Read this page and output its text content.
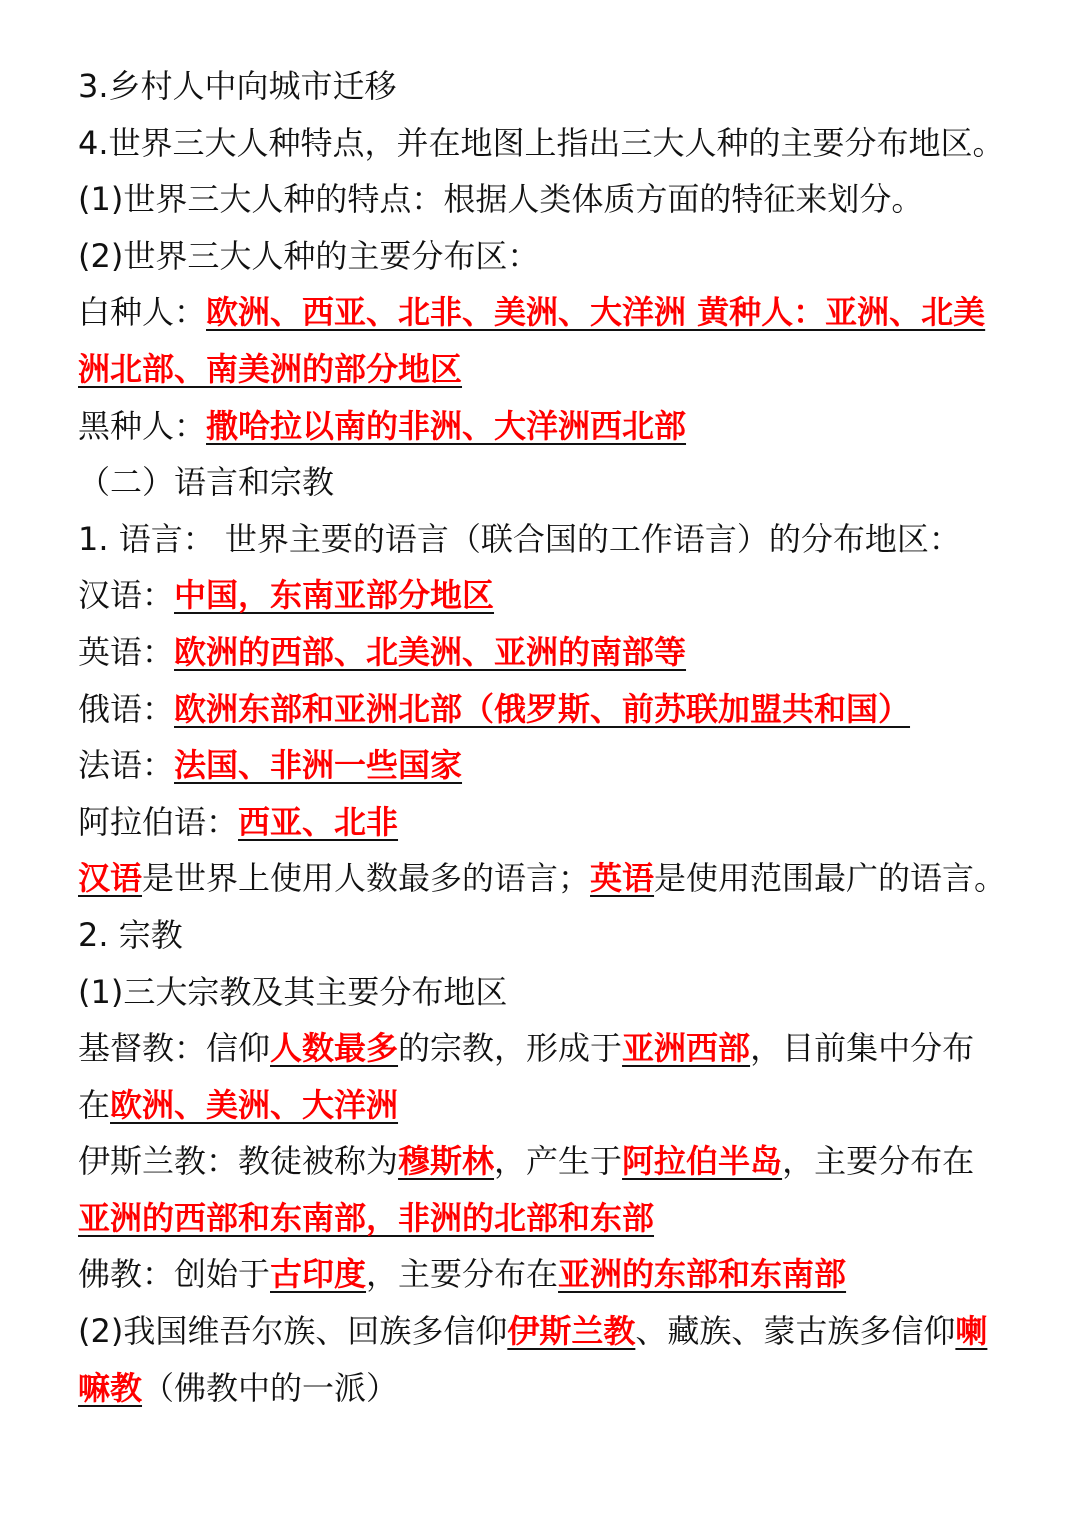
3.乡村人中向城市迁移
4.世界三大人种特点，并在地图上指出三大人种的主要分布地区。
(1)世界三大人种的特点：根据人类体质方面的特征来划分。
(2)世界三大人种的主要分布区：
白种人：欧洲、西亚、北非、美洲、大洋洲 黄种人：亚洲、北美
洲北部、南美洲的部分地区
黑种人：撒哈拉以南的非洲、大洋洲西北部
（二）语言和宗教
1. 语言： 世界主要的语言（联合国的工作语言）的分布地区：
汉语：中国，东南亚部分地区
英语：欧洲的西部、北美洲、亚洲的南部等
俄语：欧洲东部和亚洲北部（俄罗斯、前苏联加盟共和国）
法语：法国、非洲一些国家
阿拉伯语：西亚、北非
汉语是世界上使用人数最多的语言；英语是使用范围最广的语言。
2. 宗教
(1)三大宗教及其主要分布地区
基督教：信仰人数最多的宗教，形成于亚洲西部，目前集中分布
在欧洲、美洲、大洋洲
伊斯兰教：教徒被称为穆斯林，产生于阿拉伯半岛，主要分布在
亚洲的西部和东南部，非洲的北部和东部
佛教：创始于古印度，主要分布在亚洲的东部和东南部
(2)我国维吾尔族、回族多信仰伊斯兰教、藏族、蒙古族多信仰喇
嘛教（佛教中的一派）
